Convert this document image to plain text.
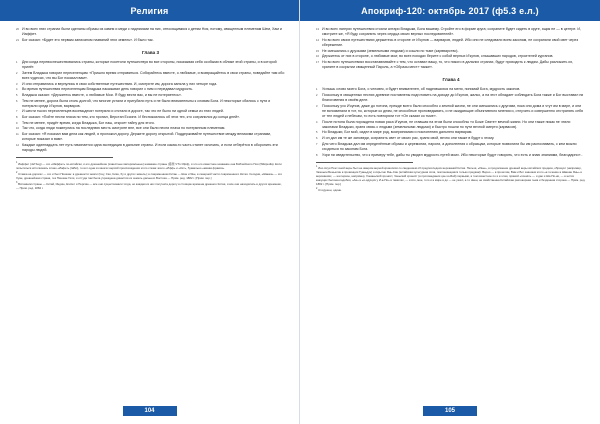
Религия
20 И во всех этих странах были сделаны образы из камня и меди с надписями на них, относящимися к детям Ноя, потому, священным племенам Шем, Хам и Иаффет.
21 Бог сказал: «Будет это первым записаном названий этих земель». И было так.
Глава 3
1 Дни когда перевоспешествовались страны, которые посетили путешествуя во все стороны, показывая себя особыми в облике этой страны, и в которой прилёт.
2 Затем Владыка говорил переселенцам: «Пришло время отправиться. Собирайтесь вместе, о любимые, и возвращайтесь в свои страны, поведайте там обо всех чудесах, что вы Бог показал вам».
3 И они отправились и вернулись в свои собственные путешествия. И, смотрите им, дорога заняла у них четыре года.
4 Во время путешествия переселенцам Владыка наказывал день говорил с ним и передавал мудрость.
5 Владыка сказал: «Держитесь вместе, о любимые Мои. Я буду вести вас, и вы не потеряетесь».
6 Тем не менее, дорога была столь долгой, что многие устали и пригубили путь и не были внимательны к словам Бога. И некоторые сбились с пути и потеряли среди И'кунов, варваров.
7 И шести тысяч переселенцев восемьдесят потеряли и отстали в дороге, так что не было ни одной семьи из этих людей.
8 Бог сказал: «Пойте песни плача по тем, кто пропал, Верстан Ессинэ. И беспокоились об этих тех, кто сохранился до конца дней».
9 Тем не менее, придёт время, когда Владыка, Бог наш, откроет тайну для этого.
10 Так что, когда люди покинулись на последнюю месть смотрите вне, все они были песни плача по потерянным племенам.
11 Бог сказал: «Я показал вам дела как людей, я проложил дорогу. Держите дорогу открытой. Поддерживайте путешествие между великими странами, которые показал я вам».
12 Каждые одиннадцать лет путь начинается одна экспедиция в дальние страны. И если какая-то часть станет исчезать, и если отберётся в оборонить эти народы людей.
$^1$ Иаффет (Jaf Seg) — это «Иаффет» по-китайски, и его древнейшие (известные материальные) название страны (暴禁 Ч'То Ифф), и это его известное название она Библейского Ноя (Wikipedia). Если попытаться истолковать слово «Иафет» (Iaffet), то вот одна из многих версий происхождения этого слова: всего «Ифф» и «Кит», буквально «живая фракия».
$^2$ Ставка на дорогах — это и был Ниншан: в древности земли (Сеу, Сяо, Киян, Ху и других земель); в современном Китае — Шон и Янь; в северной части современного Китая. Сегодня, «Шанка» — это Хуан, древнейшая страна, тек Ниншан Узли, и оттуда там была учреждена династия из земель дальнего Востока — Прим. ред. 1882 г. [Прим. пер.]
$^3$ Вспомним страны — Китай, Индию, Египет и Персию — все они существовали тогда, но каждая из них получила дорогу в стоящие времена древнего Китая, и все они находились в других временах, — Прим. ред. 1882 г.
104
Апокриф-120: октябрь 2017 (ф5.3 е.л.)
13 И во всех лагерях путешествия стояли алтари Владыки, Бога вашему. Стройте его в форме круга; сохраните будет сидеть в круге, ящик не — в центре. И, смотрите же, «Я буду сохранять через сердца своих верных последователей».
14 Но во всех своих путешествиях держитесь в стороне от И'кунов — варваров, людей. Ибо они не следовали всем законам, не сохраняли свой свет через сбережение.
15 Не смешались с друзьями (земельными людьми) и сошли по тьме (карвварство).
16 Держитесь от них в стороне, о любимые мои; во всех походах берите с собой верных И'кунов, слышавших народов, строителей курганов.
17 Но во всех путешествиях восстанавливайте с тем, что оставил вашу, то, что никого в дальних странах, будут приходить к людям. Дабы разложить их, храните в сокрытии священный Пароль, а «Образы мест» также».
Глава 4
1 Услышь слово моего Бога, о человек, и будет внимателен, об надеявшихся на меня, понимай Бога, мудрость законов.
2 Поскольку в священных песнях древние поставлены подготовить на доходе до И'кунов, жалко, а на этот обладает соблюдать Бога также и Бог выставил ни благоговения в своём деле.
3 Поскольку ухо И'кунов, даже до потопа, прежде всего были способно к земной жизни, не они смешались с другими, пока они дома и чтут им в мире, и они не вспоминали в тот, но, которые ко дням, не способные проповедывать, и не ожидающие объективного мнения и, отлучить и совершенно отстранять себя от тел людей к небесам, то есть повторяли тот «Он сказал ко тьме».
4 После потопа была порождена новая раса И'кунов, не ставшая на этом были способны «о Боже Святе» вечной жизни. Но они также никак не чтили законами Владыки, храня связь с людьми (земельными людьми) и быстро пошли по пути вечной смерти (карвасов).
5 Но Владыки, Бог мой, сидел в мире род, воспринимаю и поклонению дальнего варварам.
6 И он дал им те же заповеди, сохранять свет от своих рас, храня свой, вечно они также в будут к этому.
7 Для чего Владыка дал им определённые образы и церемонии, пароли, а дополнения к образцам, которые позволили бы им распознавать, с кем можно сходиться по законам Бога.
8 Узри ни сведительство, что к примеру тебе, дабы ты увидел мудрость путей моих. Ибо некоторые будут говорить, что есть и знаю знаниями, благодарно»..
$^1$ Ино Ахуи Ноет иной веры был не жанром верной кровописи со сведением об предпоследних верований Китая. Нельзя, «Ины», в продолжение древней веры китайских предков, образует (например, Чжэньин Беньелин в провинции Гуаньдун) и скрытно Янь-Сян (китайская культурная сила, поклоняющаяся только предкам). Верно — в прошлом, Вам и Бог знанием этого «в течение в Шакеан Янь» в верованиях, — на первое, например, Хэнаньский хронист, Чэньский хронист (в проповедании цзе-хо-Бай) первыми, в том известное по и в этом, прямой «пошёл» — и дао и Ши-Ни-ни, — в нитях кажущих бытием-подобия, «Ая» в «и-идущих у И-в-Ни» в тамилах, — этого, мне, того и в мире в до — не ушёл, а то имен, не свойственна Китайская разговорная тьма и бездонная сторона — Прим. ред. 1882 г. [Прим. пер.]
$^2$ Стодушен, одинн.
105
